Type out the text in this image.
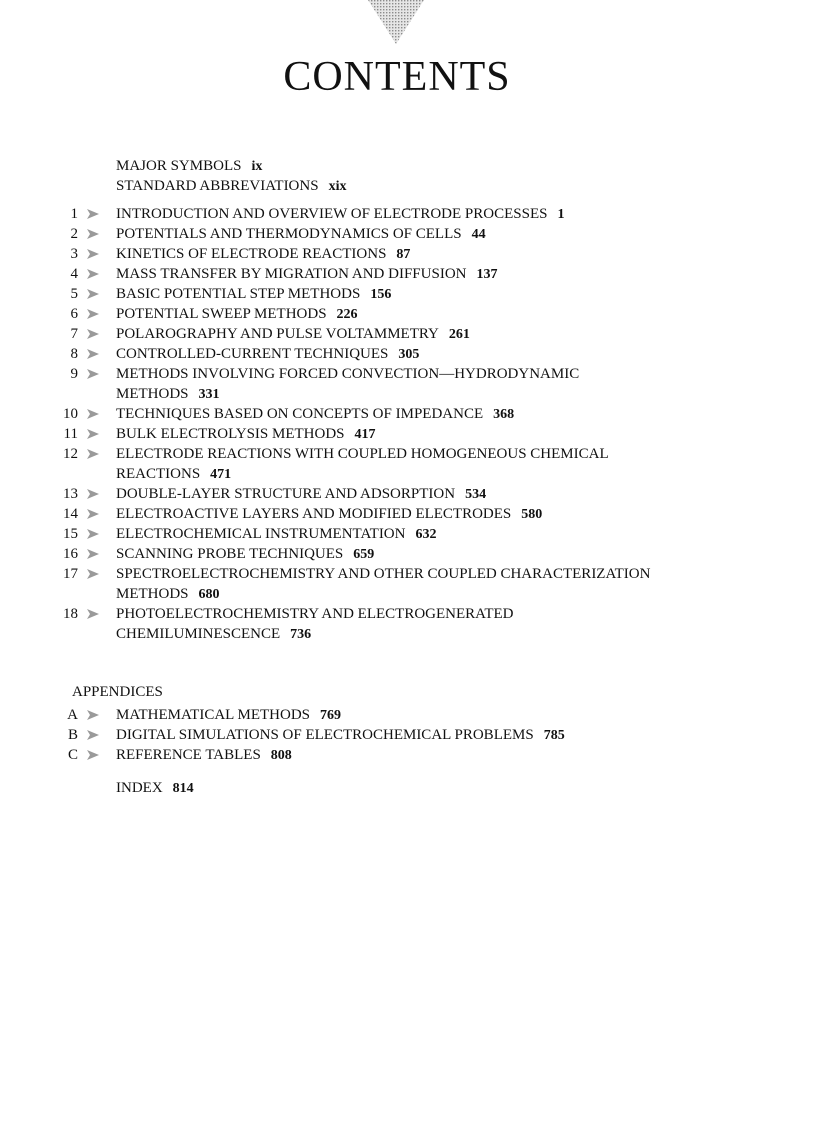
CONTENTS
MAJOR SYMBOLS ix
STANDARD ABBREVIATIONS xix
1	INTRODUCTION AND OVERVIEW OF ELECTRODE PROCESSES 1
2	POTENTIALS AND THERMODYNAMICS OF CELLS 44
3	KINETICS OF ELECTRODE REACTIONS 87
4	MASS TRANSFER BY MIGRATION AND DIFFUSION 137
5	BASIC POTENTIAL STEP METHODS 156
6	POTENTIAL SWEEP METHODS 226
7	POLAROGRAPHY AND PULSE VOLTAMMETRY 261
8	CONTROLLED-CURRENT TECHNIQUES 305
9	METHODS INVOLVING FORCED CONVECTION—HYDRODYNAMIC
METHODS 331
10	TECHNIQUES BASED ON CONCEPTS OF IMPEDANCE 368
11	BULK ELECTROLYSIS METHODS 417
12	ELECTRODE REACTIONS WITH COUPLED HOMOGENEOUS CHEMICAL
REACTIONS 471
13	DOUBLE-LAYER STRUCTURE AND ADSORPTION 534
14	ELECTROACTIVE LAYERS AND MODIFIED ELECTRODES 580
15	ELECTROCHEMICAL INSTRUMENTATION 632
16	SCANNING PROBE TECHNIQUES 659
17	SPECTROELECTROCHEMISTRY AND OTHER COUPLED CHARACTERIZATION
METHODS 680
18	PHOTOELECTROCHEMISTRY AND ELECTROGENERATED
CHEMILUMINESCENCE 736
APPENDICES
A	MATHEMATICAL METHODS 769
B	DIGITAL SIMULATIONS OF ELECTROCHEMICAL PROBLEMS 785
C	REFERENCE TABLES 808
INDEX 814
